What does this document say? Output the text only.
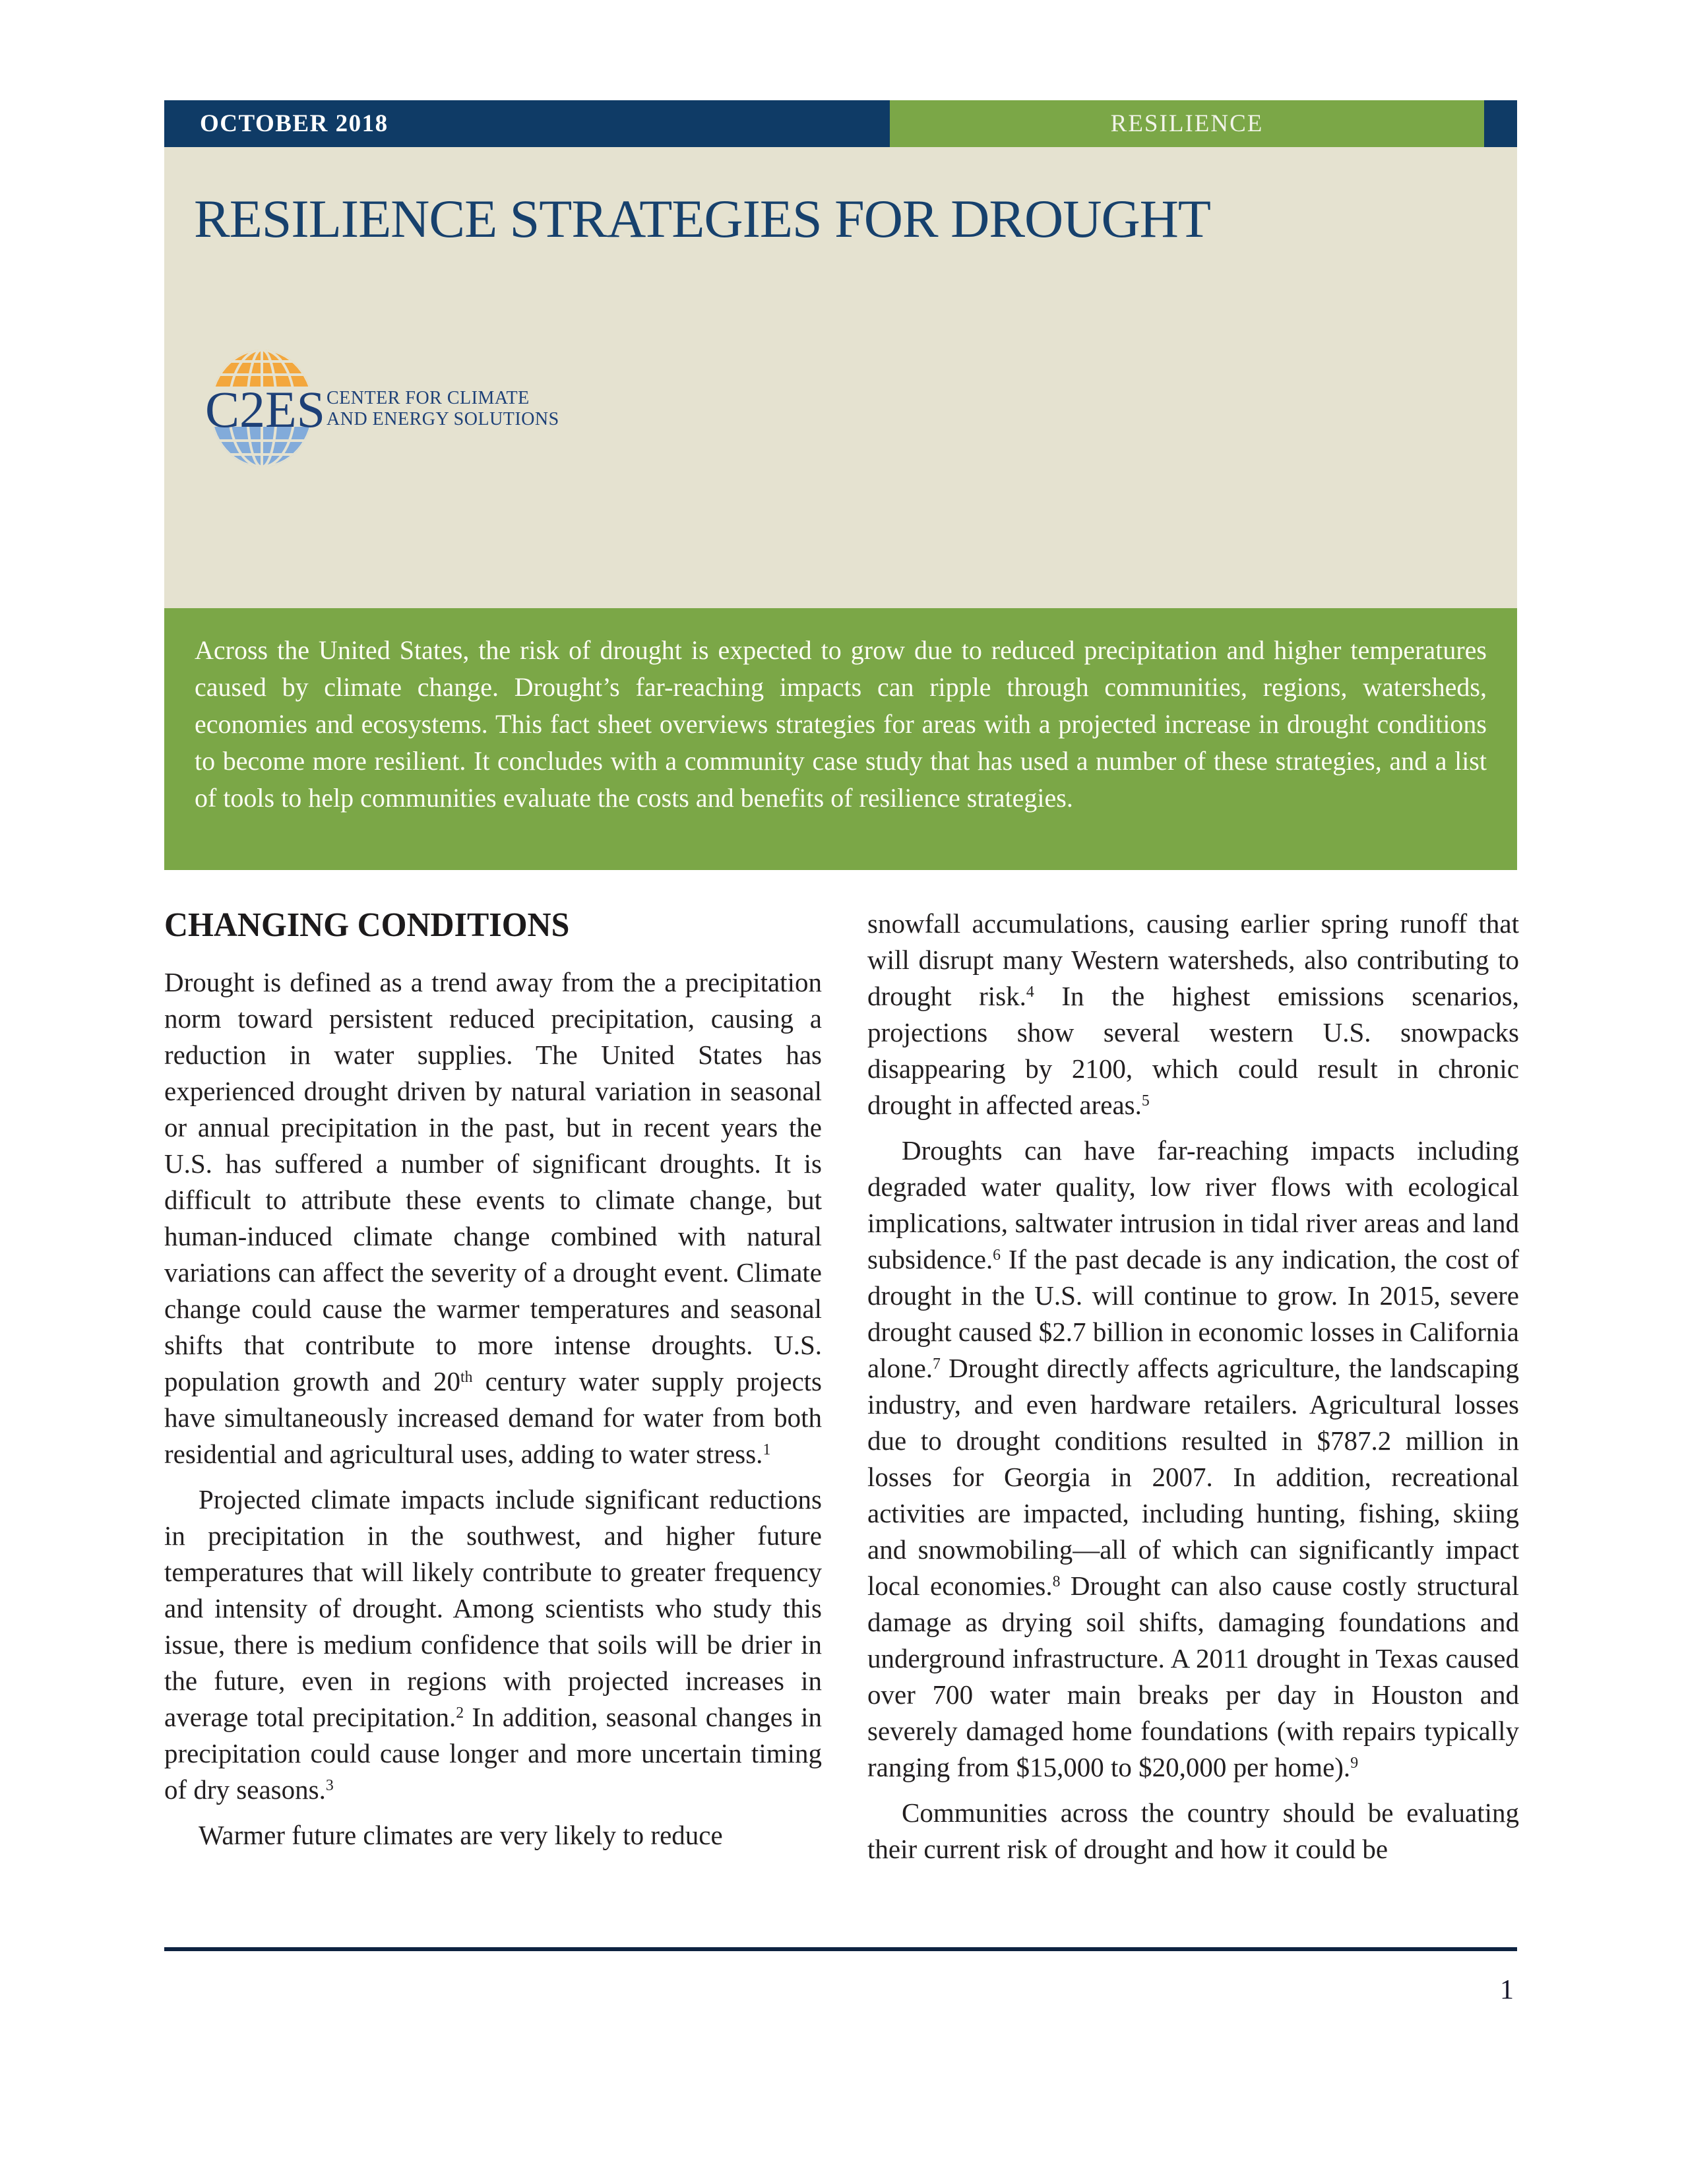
OCTOBER 2018	RESILIENCE
RESILIENCE STRATEGIES FOR DROUGHT
C2ES CENTER FOR CLIMATE
AND ENERGY SOLUTIONS
Across the United States, the risk of drought is expected to grow due to reduced precipitation and higher temperatures caused by climate change. Drought’s far-reaching impacts can ripple through communities, regions, watersheds, economies and ecosystems. This fact sheet overviews strategies for areas with a projected increase in drought conditions to become more resilient. It concludes with a community case study that has used a number of these strategies, and a list of tools to help communities evaluate the costs and benefits of resilience strategies.
CHANGING CONDITIONS

Drought is defined as a trend away from the a precipitation norm toward persistent reduced precipitation, causing a reduction in water supplies. The United States has experienced drought driven by natural variation in seasonal or annual precipitation in the past, but in recent years the U.S. has suffered a number of significant droughts. It is difficult to attribute these events to climate change, but human-induced climate change combined with natural variations can affect the severity of a drought event. Climate change could cause the warmer temperatures and seasonal shifts that contribute to more intense droughts. U.S. population growth and 20th century water supply projects have simultaneously increased demand for water from both residential and agricultural uses, adding to water stress.$^1$

Projected climate impacts include significant reductions in precipitation in the southwest, and higher future temperatures that will likely contribute to greater frequency and intensity of drought. Among scientists who study this issue, there is medium confidence that soils will be drier in the future, even in regions with projected increases in average total precipitation.$^2$ In addition, seasonal changes in precipitation could cause longer and more uncertain timing of dry seasons.$^3$

Warmer future climates are very likely to reduce

snowfall accumulations, causing earlier spring runoff that will disrupt many Western watersheds, also contributing to drought risk.$^4$ In the highest emissions scenarios, projections show several western U.S. snowpacks disappearing by 2100, which could result in chronic drought in affected areas.$^5$

Droughts can have far-reaching impacts including degraded water quality, low river flows with ecological implications, saltwater intrusion in tidal river areas and land subsidence.$^6$ If the past decade is any indication, the cost of drought in the U.S. will continue to grow. In 2015, severe drought caused $2.7 billion in economic losses in California alone.$^7$ Drought directly affects agriculture, the landscaping industry, and even hardware retailers. Agricultural losses due to drought conditions resulted in $787.2 million in losses for Georgia in 2007. In addition, recreational activities are impacted, including hunting, fishing, skiing and snowmobiling—all of which can significantly impact local economies.$^8$ Drought can also cause costly structural damage as drying soil shifts, damaging foundations and underground infrastructure. A 2011 drought in Texas caused over 700 water main breaks per day in Houston and severely damaged home foundations (with repairs typically ranging from $15,000 to $20,000 per home).$^9$

Communities across the country should be evaluating their current risk of drought and how it could be

1
